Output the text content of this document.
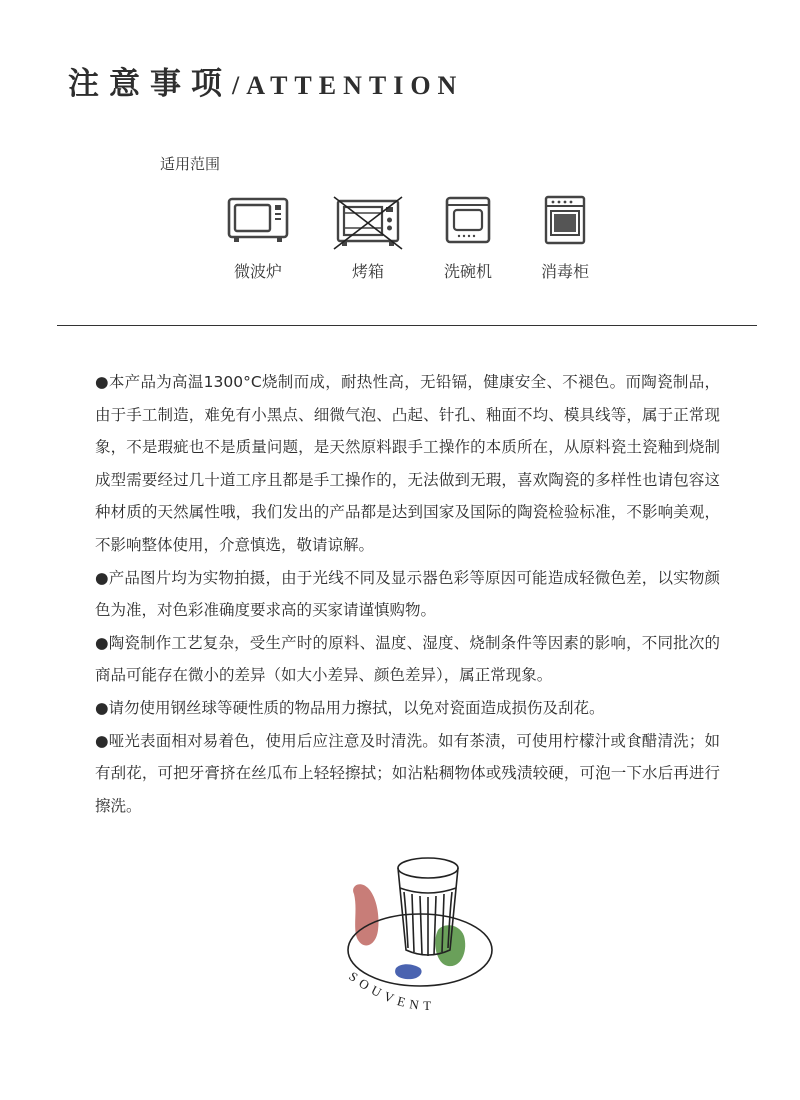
注意事项/ATTENTION
适用范围
微波炉	烤箱	洗碗机	消毒柜

●本产品为高温1300°C烧制而成，耐热性高，无铅镉，健康安全、不褪色。而陶瓷制品，由于手工制造，难免有小黑点、细微气泡、凸起、针孔、釉面不均、模具线等，属于正常现象，不是瑕疵也不是质量问题，是天然原料跟手工操作的本质所在，从原料瓷土瓷釉到烧制成型需要经过几十道工序且都是手工操作的，无法做到无瑕，喜欢陶瓷的多样性也请包容这种材质的天然属性哦，我们发出的产品都是达到国家及国际的陶瓷检验标准，不影响美观，不影响整体使用，介意慎选，敬请谅解。

●产品图片均为实物拍摄，由于光线不同及显示器色彩等原因可能造成轻微色差，以实物颜色为准，对色彩准确度要求高的买家请谨慎购物。

●陶瓷制作工艺复杂，受生产时的原料、温度、湿度、烧制条件等因素的影响，不同批次的商品可能存在微小的差异（如大小差异、颜色差异），属正常现象。

●请勿使用钢丝球等硬性质的物品用力擦拭，以免对瓷面造成损伤及刮花。

●哑光表面相对易着色，使用后应注意及时清洗。如有茶渍，可使用柠檬汁或食醋清洗；如有刮花，可把牙膏挤在丝瓜布上轻轻擦拭；如沾粘稠物体或残渍较硬，可泡一下水后再进行擦洗。

SOUVENT
